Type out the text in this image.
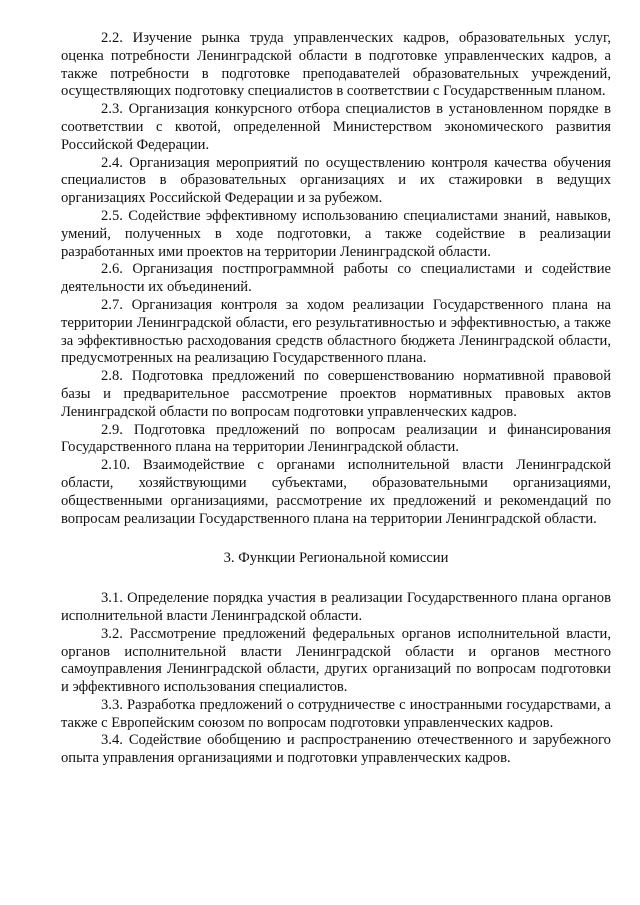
2.2. Изучение рынка труда управленческих кадров, образовательных услуг, оценка потребности Ленинградской области в подготовке управленческих кадров, а также потребности в подготовке преподавателей образовательных учреждений, осуществляющих подготовку специалистов в соответствии с Государственным планом.

2.3. Организация конкурсного отбора специалистов в установленном порядке в соответствии с квотой, определенной Министерством экономического развития Российской Федерации.

2.4. Организация мероприятий по осуществлению контроля качества обучения специалистов в образовательных организациях и их стажировки в ведущих организациях Российской Федерации и за рубежом.

2.5. Содействие эффективному использованию специалистами знаний, навыков, умений, полученных в ходе подготовки, а также содействие в реализации разработанных ими проектов на территории Ленинградской области.

2.6. Организация постпрограммной работы со специалистами и содействие деятельности их объединений.

2.7. Организация контроля за ходом реализации Государственного плана на территории Ленинградской области, его результативностью и эффективностью, а также за эффективностью расходования средств областного бюджета Ленинградской области, предусмотренных на реализацию Государственного плана.

2.8. Подготовка предложений по совершенствованию нормативной правовой базы и предварительное рассмотрение проектов нормативных правовых актов Ленинградской области по вопросам подготовки управленческих кадров.

2.9. Подготовка предложений по вопросам реализации и финансирования Государственного плана на территории Ленинградской области.

2.10. Взаимодействие с органами исполнительной власти Ленинградской области, хозяйствующими субъектами, образовательными организациями, общественными организациями, рассмотрение их предложений и рекомендаций по вопросам реализации Государственного плана на территории Ленинградской области.

3. Функции Региональной комиссии

3.1. Определение порядка участия в реализации Государственного плана органов исполнительной власти Ленинградской области.

3.2. Рассмотрение предложений федеральных органов исполнительной власти, органов исполнительной власти Ленинградской области и органов местного самоуправления Ленинградской области, других организаций по вопросам подготовки и эффективного использования специалистов.

3.3. Разработка предложений о сотрудничестве с иностранными государствами, а также с Европейским союзом по вопросам подготовки управленческих кадров.

3.4. Содействие обобщению и распространению отечественного и зарубежного опыта управления организациями и подготовки управленческих кадров.
